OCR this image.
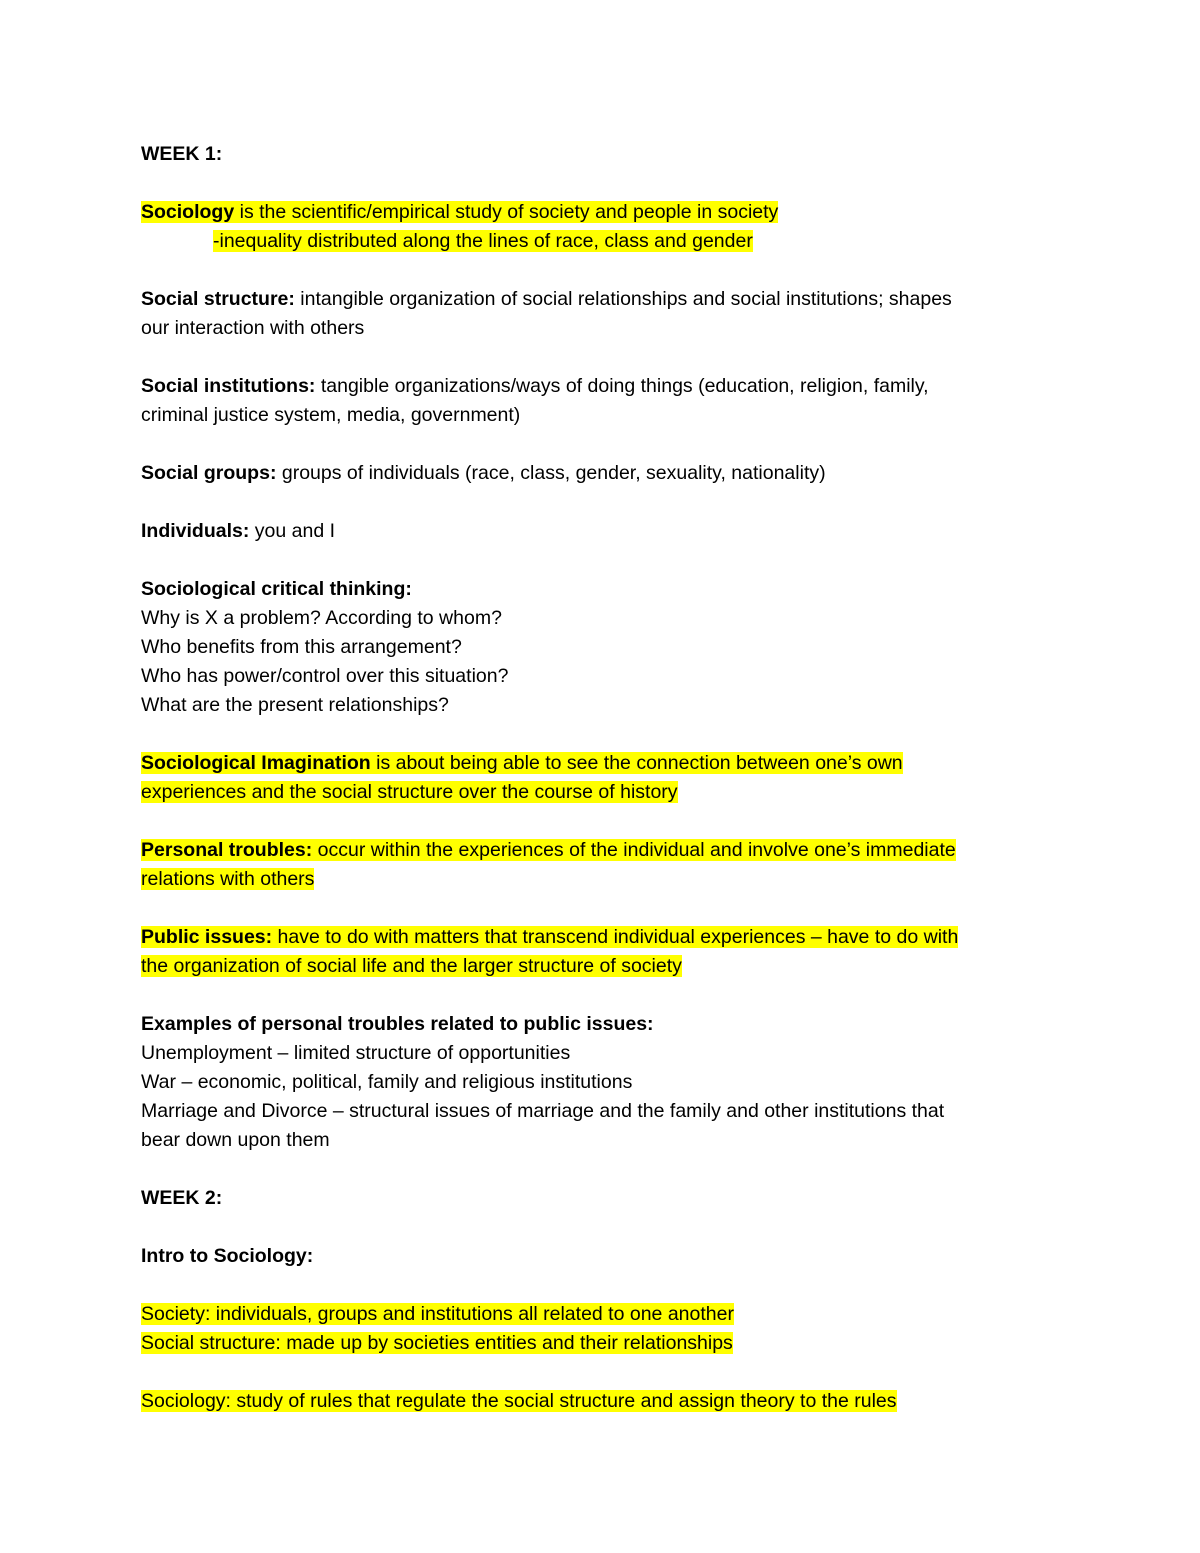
WEEK 1:
Sociology is the scientific/empirical study of society and people in society
-inequality distributed along the lines of race, class and gender
Social structure: intangible organization of social relationships and social institutions; shapes
our interaction with others
Social institutions: tangible organizations/ways of doing things (education, religion, family,
criminal justice system, media, government)
Social groups: groups of individuals (race, class, gender, sexuality, nationality)
Individuals: you and I
Sociological critical thinking:
Why is X a problem? According to whom?
Who benefits from this arrangement?
Who has power/control over this situation?
What are the present relationships?
Sociological Imagination is about being able to see the connection between one’s own
experiences and the social structure over the course of history
Personal troubles: occur within the experiences of the individual and involve one’s immediate
relations with others
Public issues: have to do with matters that transcend individual experiences – have to do with
the organization of social life and the larger structure of society
Examples of personal troubles related to public issues:
Unemployment – limited structure of opportunities
War – economic, political, family and religious institutions
Marriage and Divorce – structural issues of marriage and the family and other institutions that
bear down upon them
WEEK 2:
Intro to Sociology:
Society: individuals, groups and institutions all related to one another
Social structure: made up by societies entities and their relationships
Sociology: study of rules that regulate the social structure and assign theory to the rules
